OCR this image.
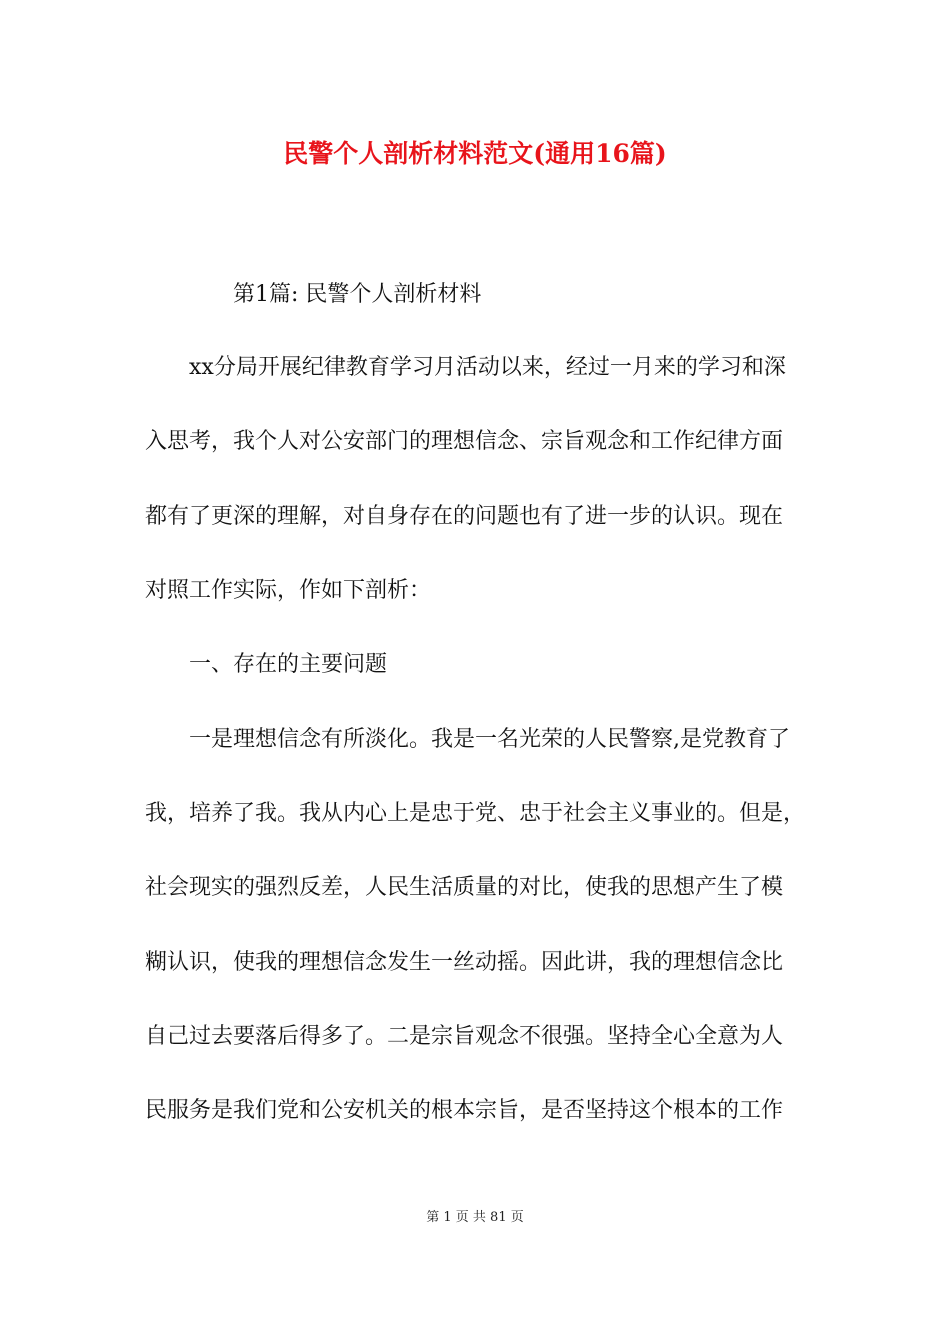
民警个人剖析材料范文(通用16篇)
第1篇: 民警个人剖析材料
xx分局开展纪律教育学习月活动以来，经过一月来的学习和深
入思考，我个人对公安部门的理想信念、宗旨观念和工作纪律方面
都有了更深的理解，对自身存在的问题也有了进一步的认识。现在
对照工作实际，作如下剖析：
一、存在的主要问题
一是理想信念有所淡化。我是一名光荣的人民警察,是党教育了
我，培养了我。我从内心上是忠于党、忠于社会主义事业的。但是，
社会现实的强烈反差，人民生活质量的对比，使我的思想产生了模
糊认识，使我的理想信念发生一丝动摇。因此讲，我的理想信念比
自己过去要落后得多了。二是宗旨观念不很强。坚持全心全意为人
民服务是我们党和公安机关的根本宗旨，是否坚持这个根本的工作
第 1 页 共 81 页
